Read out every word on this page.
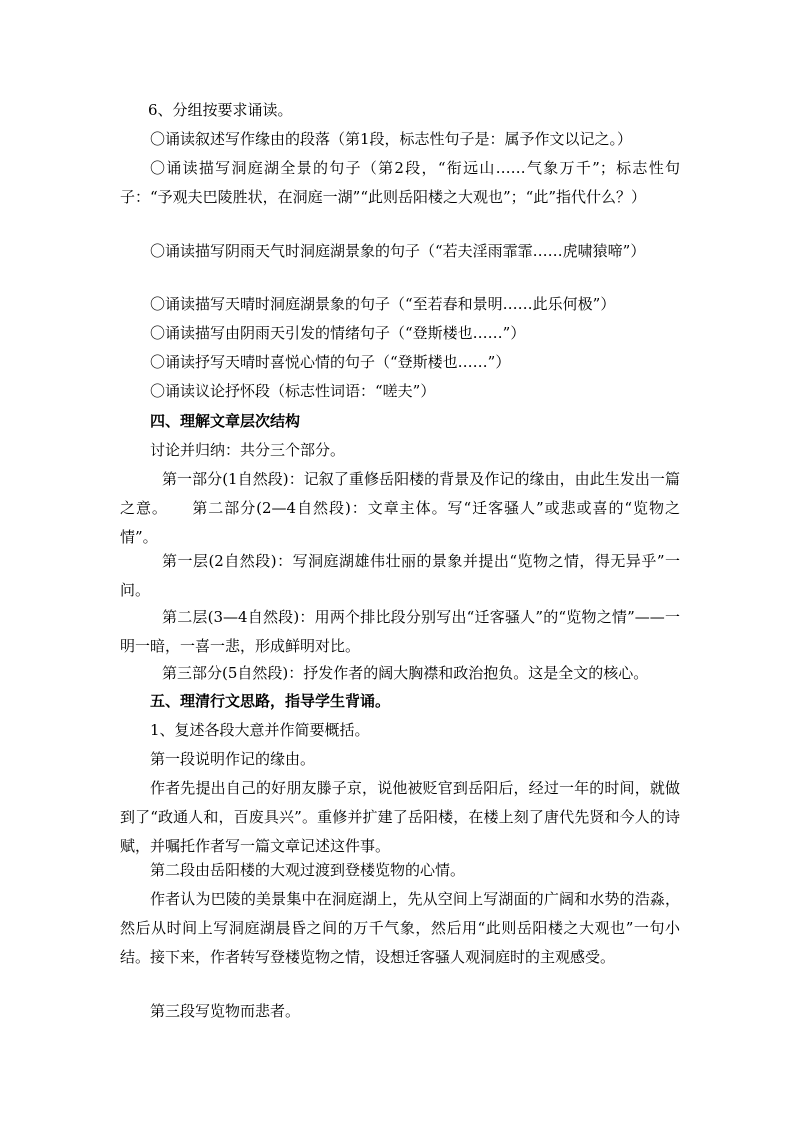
6、分组按要求诵读。

〇诵读叙述写作缘由的段落（第1段，标志性句子是：属予作文以记之。）

〇诵读描写洞庭湖全景的句子（第2段，“衔远山……气象万千”；标志性句子：“予观夫巴陵胜状，在洞庭一湖”“此则岳阳楼之大观也”；“此”指代什么？）

〇诵读描写阴雨天气时洞庭湖景象的句子（“若夫淫雨霏霏……虎啸猿啼”）

〇诵读描写天晴时洞庭湖景象的句子（“至若春和景明……此乐何极”）

〇诵读描写由阴雨天引发的情绪句子（“登斯楼也……”）

〇诵读抒写天晴时喜悦心情的句子（“登斯楼也……”）

〇诵读议论抒怀段（标志性词语：“嗟夫”）

四、理解文章层次结构

讨论并归纳：共分三个部分。

第一部分(1自然段)：记叙了重修岳阳楼的背景及作记的缘由，由此生发出一篇之意。　　第二部分(2—4自然段)：文章主体。写“迁客骚人”或悲或喜的“览物之情”。

第一层(2自然段)：写洞庭湖雄伟壮丽的景象并提出“览物之情，得无异乎”一问。

第二层(3—4自然段)：用两个排比段分别写出“迁客骚人”的“览物之情”——一明一暗，一喜一悲，形成鲜明对比。

第三部分(5自然段)：抒发作者的阔大胸襟和政治抱负。这是全文的核心。

五、理清行文思路，指导学生背诵。

1、复述各段大意并作简要概括。

第一段说明作记的缘由。

作者先提出自己的好朋友滕子京，说他被贬官到岳阳后，经过一年的时间，就做到了“政通人和，百废具兴”。重修并扩建了岳阳楼，在楼上刻了唐代先贤和今人的诗赋，并嘱托作者写一篇文章记述这件事。

第二段由岳阳楼的大观过渡到登楼览物的心情。

作者认为巴陵的美景集中在洞庭湖上，先从空间上写湖面的广阔和水势的浩淼，然后从时间上写洞庭湖晨昏之间的万千气象，然后用“此则岳阳楼之大观也”一句小结。接下来，作者转写登楼览物之情，设想迁客骚人观洞庭时的主观感受。

第三段写览物而悲者。
